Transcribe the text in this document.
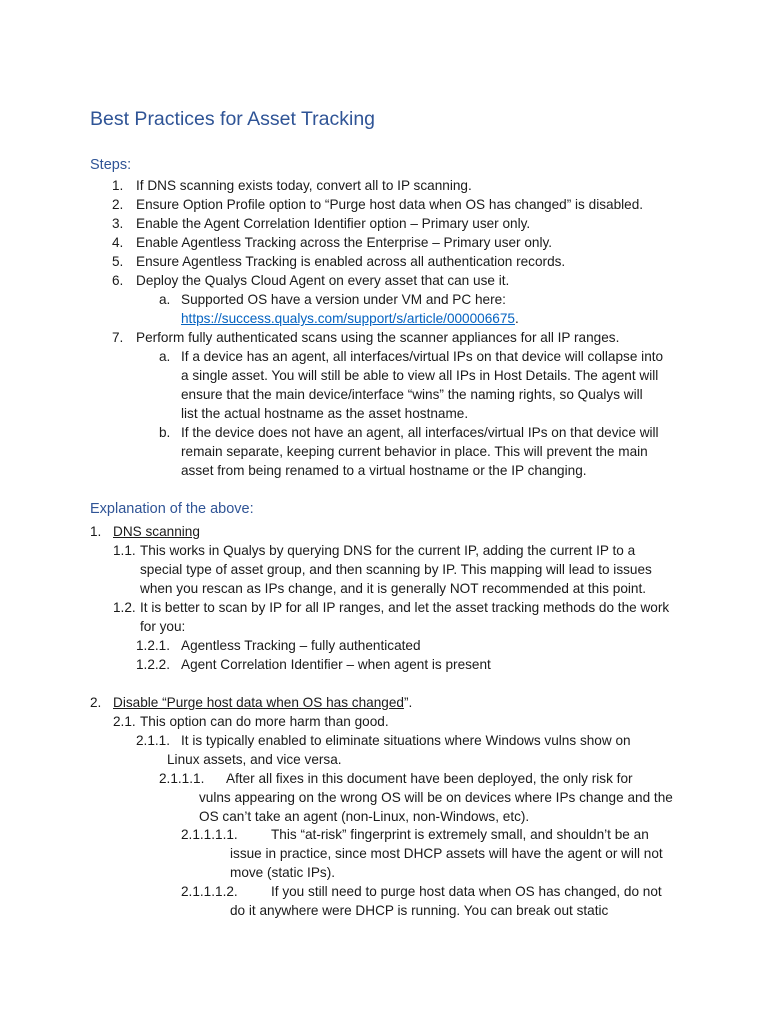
Best Practices for Asset Tracking
Steps:
1. If DNS scanning exists today, convert all to IP scanning.
2. Ensure Option Profile option to “Purge host data when OS has changed” is disabled.
3. Enable the Agent Correlation Identifier option – Primary user only.
4. Enable Agentless Tracking across the Enterprise – Primary user only.
5. Ensure Agentless Tracking is enabled across all authentication records.
6. Deploy the Qualys Cloud Agent on every asset that can use it.
a. Supported OS have a version under VM and PC here:
https://success.qualys.com/support/s/article/000006675.
7. Perform fully authenticated scans using the scanner appliances for all IP ranges.
a. If a device has an agent, all interfaces/virtual IPs on that device will collapse into
a single asset. You will still be able to view all IPs in Host Details. The agent will
ensure that the main device/interface “wins” the naming rights, so Qualys will
list the actual hostname as the asset hostname.
b. If the device does not have an agent, all interfaces/virtual IPs on that device will
remain separate, keeping current behavior in place. This will prevent the main
asset from being renamed to a virtual hostname or the IP changing.
Explanation of the above:
1. DNS scanning
1.1. This works in Qualys by querying DNS for the current IP, adding the current IP to a
special type of asset group, and then scanning by IP. This mapping will lead to issues
when you rescan as IPs change, and it is generally NOT recommended at this point.
1.2. It is better to scan by IP for all IP ranges, and let the asset tracking methods do the work
for you:
1.2.1. Agentless Tracking – fully authenticated
1.2.2. Agent Correlation Identifier – when agent is present
2. Disable “Purge host data when OS has changed”.
2.1. This option can do more harm than good.
2.1.1. It is typically enabled to eliminate situations where Windows vulns show on
Linux assets, and vice versa.
2.1.1.1. After all fixes in this document have been deployed, the only risk for
vulns appearing on the wrong OS will be on devices where IPs change and the
OS can’t take an agent (non-Linux, non-Windows, etc).
2.1.1.1.1. This “at-risk” fingerprint is extremely small, and shouldn’t be an
issue in practice, since most DHCP assets will have the agent or will not
move (static IPs).
2.1.1.1.2. If you still need to purge host data when OS has changed, do not
do it anywhere were DHCP is running. You can break out static
